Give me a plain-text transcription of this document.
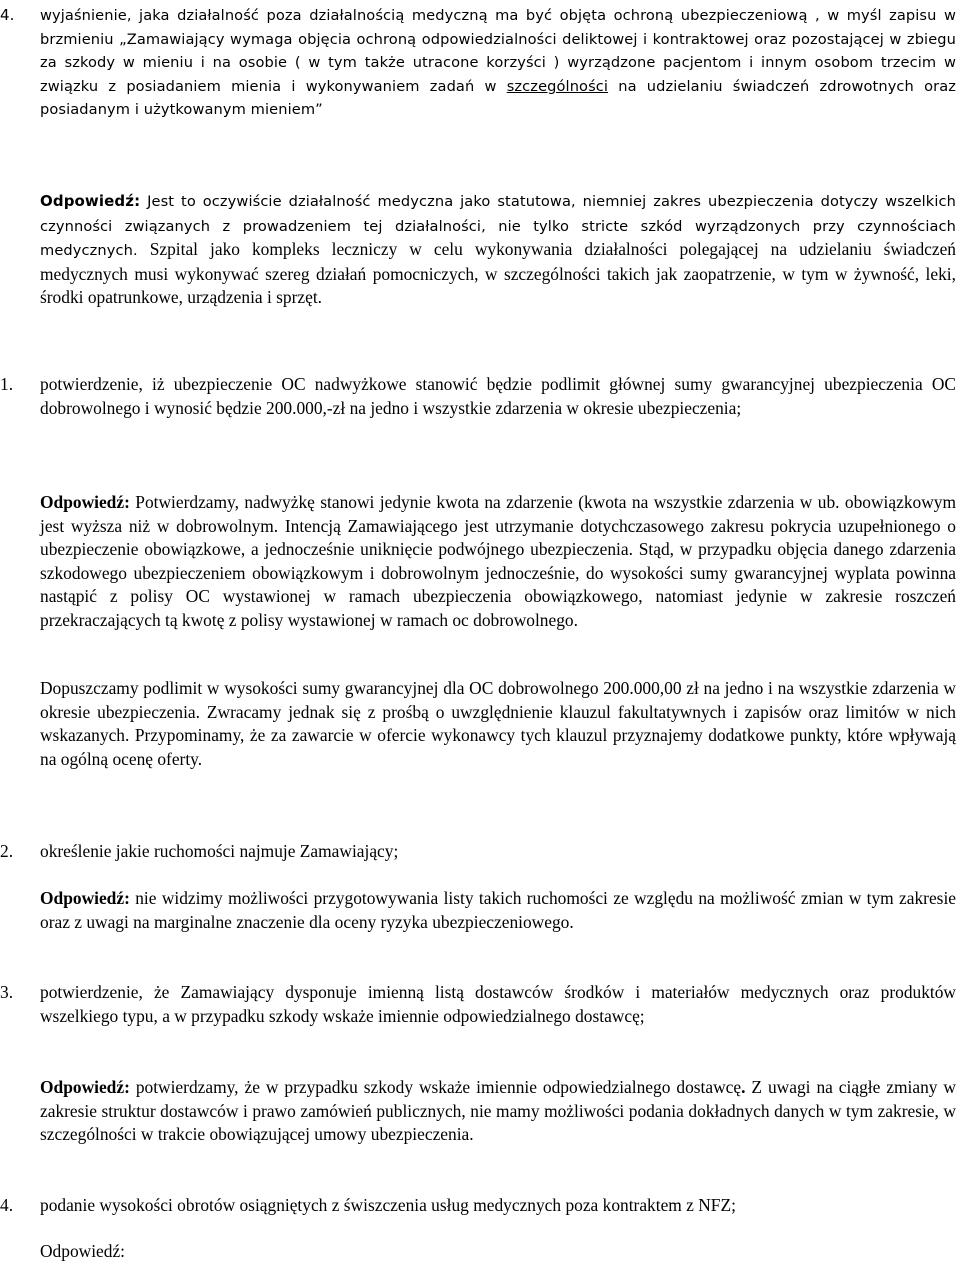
4. wyjaśnienie, jaka działalność poza działalnością medyczną ma być objęta ochroną ubezpieczeniową , w myśl zapisu w brzmieniu „Zamawiający wymaga objęcia ochroną odpowiedzialności deliktowej i kontraktowej oraz pozostającej w zbiegu za szkody w mieniu i na osobie ( w tym także utracone korzyści ) wyrządzone pacjentom i innym osobom trzecim w związku z posiadaniem mienia i wykonywaniem zadań w szczególności na udzielaniu świadczeń zdrowotnych oraz posiadanym i użytkowanym mieniem”

Odpowiedź: Jest to oczywiście działalność medyczna jako statutowa, niemniej zakres ubezpieczenia dotyczy wszelkich czynności związanych z prowadzeniem tej działalności, nie tylko stricte szkód wyrządzonych przy czynnościach medycznych. Szpital jako kompleks leczniczy w celu wykonywania działalności polegającej na udzielaniu świadczeń medycznych musi wykonywać szereg działań pomocniczych, w szczególności takich jak zaopatrzenie, w tym w żywność, leki, środki opatrunkowe, urządzenia i sprzęt.

1. potwierdzenie, iż ubezpieczenie OC nadwyżkowe stanowić będzie podlimit głównej sumy gwarancyjnej ubezpieczenia OC dobrowolnego i wynosić będzie 200.000,-zł na jedno i wszystkie zdarzenia w okresie ubezpieczenia;

Odpowiedź: Potwierdzamy, nadwyżkę stanowi jedynie kwota na zdarzenie (kwota na wszystkie zdarzenia w ub. obowiązkowym jest wyższa niż w dobrowolnym. Intencją Zamawiającego jest utrzymanie dotychczasowego zakresu pokrycia uzupełnionego o ubezpieczenie obowiązkowe, a jednocześnie uniknięcie podwójnego ubezpieczenia. Stąd, w przypadku objęcia danego zdarzenia szkodowego ubezpieczeniem obowiązkowym i dobrowolnym jednocześnie, do wysokości sumy gwarancyjnej wyplata powinna nastąpić z polisy OC wystawionej w ramach ubezpieczenia obowiązkowego, natomiast jedynie w zakresie roszczeń przekraczających tą kwotę z polisy wystawionej w ramach oc dobrowolnego.

Dopuszczamy podlimit w wysokości sumy gwarancyjnej dla OC dobrowolnego 200.000,00 zł na jedno i na wszystkie zdarzenia w okresie ubezpieczenia. Zwracamy jednak się z prośbą o uwzględnienie klauzul fakultatywnych i zapisów oraz limitów w nich wskazanych. Przypominamy, że za zawarcie w ofercie wykonawcy tych klauzul przyznajemy dodatkowe punkty, które wpływają na ogólną ocenę oferty.

2. określenie jakie ruchomości najmuje Zamawiający;

Odpowiedź: nie widzimy możliwości przygotowywania listy takich ruchomości ze względu na możliwość zmian w tym zakresie oraz z uwagi na marginalne znaczenie dla oceny ryzyka ubezpieczeniowego.

3. potwierdzenie, że Zamawiający dysponuje imienną listą dostawców środków i materiałów medycznych oraz produktów wszelkiego typu, a w przypadku szkody wskaże imiennie odpowiedzialnego dostawcę;

Odpowiedź: potwierdzamy, że w przypadku szkody wskaże imiennie odpowiedzialnego dostawcę. Z uwagi na ciągłe zmiany w zakresie struktur dostawców i prawo zamówień publicznych, nie mamy możliwości podania dokładnych danych w tym zakresie, w szczególności w trakcie obowiązującej umowy ubezpieczenia.

4. podanie wysokości obrotów osiągniętych z świszczenia usług medycznych poza kontraktem z NFZ;

Odpowiedź:
